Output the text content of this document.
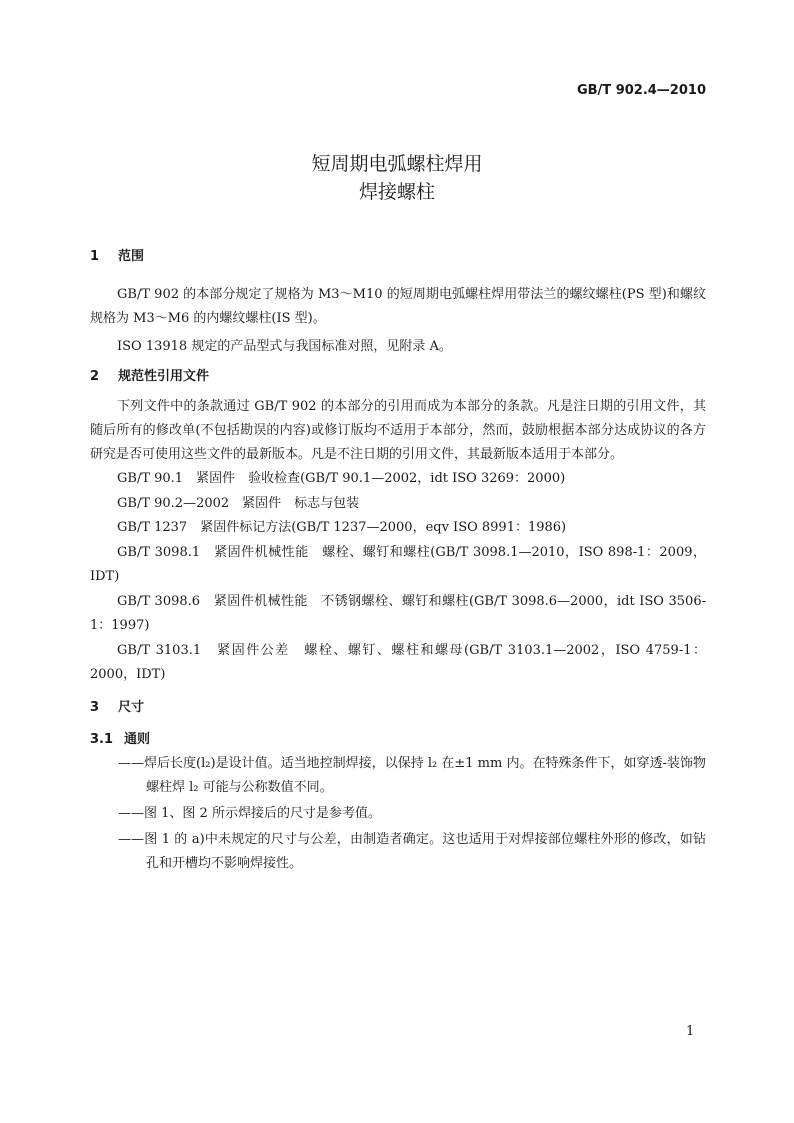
GB/T 902.4—2010
短周期电弧螺柱焊用
焊接螺柱
1 范围

GB/T 902 的本部分规定了规格为 M3～M10 的短周期电弧螺柱焊用带法兰的螺纹螺柱(PS 型)和螺纹规格为 M3～M6 的内螺纹螺柱(IS 型)。

ISO 13918 规定的产品型式与我国标准对照，见附录 A。

2 规范性引用文件

下列文件中的条款通过 GB/T 902 的本部分的引用而成为本部分的条款。凡是注日期的引用文件，其随后所有的修改单(不包括勘误的内容)或修订版均不适用于本部分，然而，鼓励根据本部分达成协议的各方研究是否可使用这些文件的最新版本。凡是不注日期的引用文件，其最新版本适用于本部分。

GB/T 90.1　紧固件　验收检查(GB/T 90.1—2002，idt ISO 3269：2000)

GB/T 90.2—2002　紧固件　标志与包装

GB/T 1237　紧固件标记方法(GB/T 1237—2000，eqv ISO 8991：1986)

GB/T 3098.1　紧固件机械性能　螺栓、螺钉和螺柱(GB/T 3098.1—2010，ISO 898-1：2009，IDT)

GB/T 3098.6　紧固件机械性能　不锈钢螺栓、螺钉和螺柱(GB/T 3098.6—2000，idt ISO 3506-1：1997)

GB/T 3103.1　紧固件公差　螺栓、螺钉、螺柱和螺母(GB/T 3103.1—2002，ISO 4759-1：2000，IDT)

3 尺寸
3.1 通则

——焊后长度(l₂)是设计值。适当地控制焊接，以保持 l₂ 在±1 mm 内。在特殊条件下，如穿透-装饰物螺柱焊 l₂ 可能与公称数值不同。

——图 1、图 2 所示焊接后的尺寸是参考值。

——图 1 的 a)中未规定的尺寸与公差，由制造者确定。这也适用于对焊接部位螺柱外形的修改，如钻孔和开槽均不影响焊接性。

1
